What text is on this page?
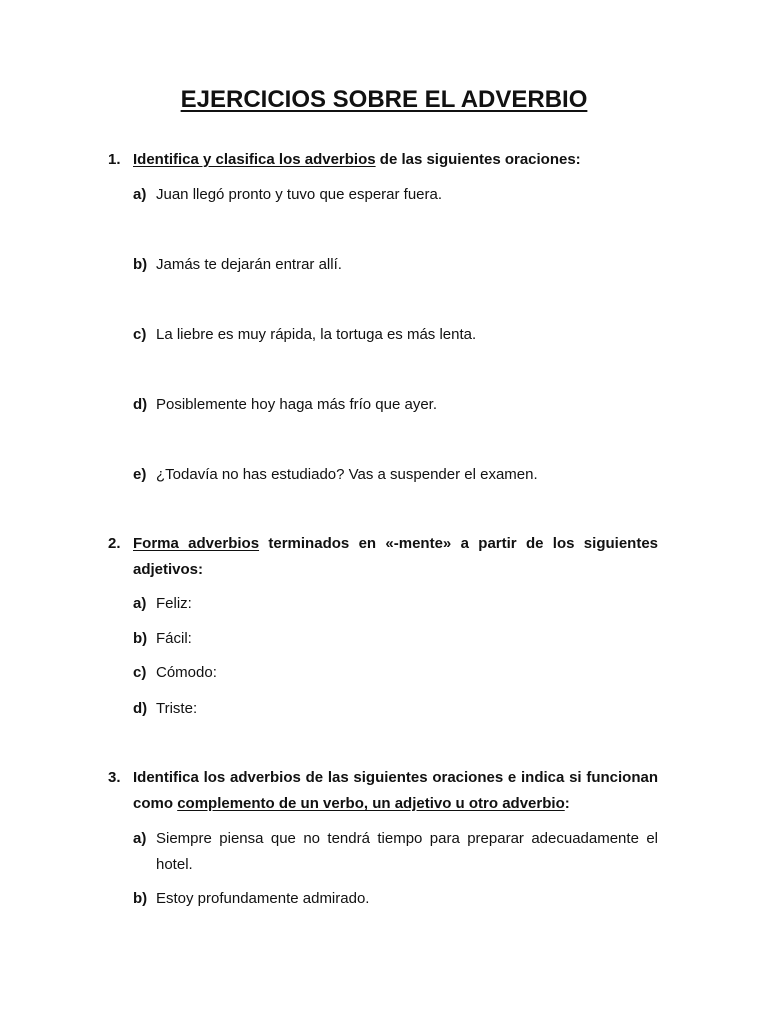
EJERCICIOS SOBRE EL ADVERBIO
1. Identifica y clasifica los adverbios de las siguientes oraciones:
a) Juan llegó pronto y tuvo que esperar fuera.
b) Jamás te dejarán entrar allí.
c) La liebre es muy rápida, la tortuga es más lenta.
d) Posiblemente hoy haga más frío que ayer.
e) ¿Todavía no has estudiado? Vas a suspender el examen.
2. Forma adverbios terminados en «-mente» a partir de los siguientes adjetivos:
a) Feliz:
b) Fácil:
c) Cómodo:
d) Triste:
3. Identifica los adverbios de las siguientes oraciones e indica si funcionan como complemento de un verbo, un adjetivo u otro adverbio:
a) Siempre piensa que no tendrá tiempo para preparar adecuadamente el hotel.
b) Estoy profundamente admirado.
